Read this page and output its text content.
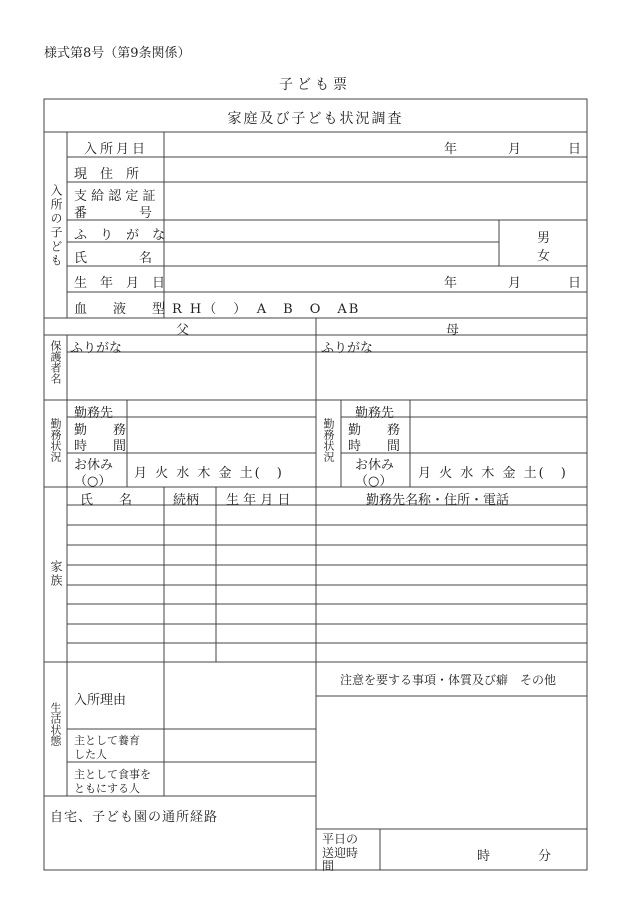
様式第8号（第9条関係）
子ども票
家庭及び子ども状況調査
入所の子ども
入所月日	年	月	日
現　住　所
支 給 認 定 証
番　　　　号
ふ　り　が　な
氏　　　　名
男
女
生　年　月　日	年	月	日
血　　液　　型 R H（　）　A　B　O　AB
父	母
保護者名 ふりがな	ふりがな
勤務状況
勤務先
勤　　務
時　　間
お休み
（○）
月 火 水 木 金 土(　)
勤務状況
勤務先
勤　　務
時　　間
お休み
（○）
月 火 水 木 金 土(　)
家族
氏　　名	続柄 生 年 月 日	勤務先名称・住所・電話
生活状態
入所理由
主として養育
した人
主として食事を
ともにする人
注意を要する事項・体質及び癖　その他
自宅、子ども園の通所経路
平日の
送迎時
間
時	分
